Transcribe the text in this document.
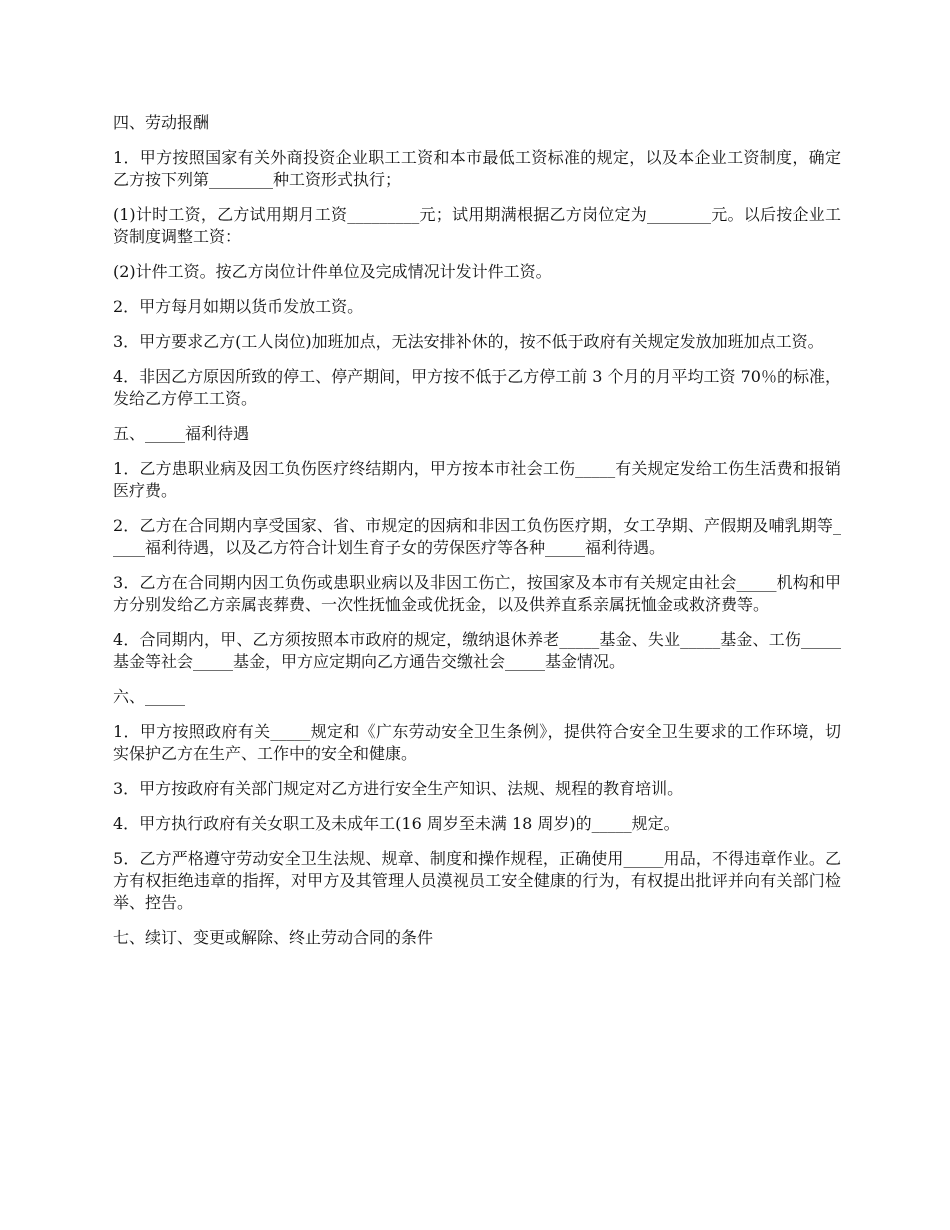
四、劳动报酬

1．甲方按照国家有关外商投资企业职工工资和本市最低工资标准的规定，以及本企业工资制度，确定乙方按下列第________种工资形式执行；

(1)计时工资，乙方试用期月工资_________元；试用期满根据乙方岗位定为________元。以后按企业工资制度调整工资：

(2)计件工资。按乙方岗位计件单位及完成情况计发计件工资。

2．甲方每月如期以货币发放工资。

3．甲方要求乙方(工人岗位)加班加点，无法安排补休的，按不低于政府有关规定发放加班加点工资。

4．非因乙方原因所致的停工、停产期间，甲方按不低于乙方停工前 3 个月的月平均工资 70％的标准，发给乙方停工工资。

五、_____福利待遇

1．乙方患职业病及因工负伤医疗终结期内，甲方按本市社会工伤_____有关规定发给工伤生活费和报销医疗费。

2．乙方在合同期内享受国家、省、市规定的因病和非因工负伤医疗期，女工孕期、产假期及哺乳期等_____福利待遇，以及乙方符合计划生育子女的劳保医疗等各种_____福利待遇。

3．乙方在合同期内因工负伤或患职业病以及非因工伤亡，按国家及本市有关规定由社会_____机构和甲方分别发给乙方亲属丧葬费、一次性抚恤金或优抚金，以及供养直系亲属抚恤金或救济费等。

4．合同期内，甲、乙方须按照本市政府的规定，缴纳退休养老_____基金、失业_____基金、工伤_____基金等社会_____基金，甲方应定期向乙方通告交缴社会_____基金情况。

六、_____

1．甲方按照政府有关_____规定和《广东劳动安全卫生条例》，提供符合安全卫生要求的工作环境，切实保护乙方在生产、工作中的安全和健康。

3．甲方按政府有关部门规定对乙方进行安全生产知识、法规、规程的教育培训。

4．甲方执行政府有关女职工及未成年工(16 周岁至未满 18 周岁)的_____规定。

5．乙方严格遵守劳动安全卫生法规、规章、制度和操作规程，正确使用_____用品，不得违章作业。乙方有权拒绝违章的指挥，对甲方及其管理人员漠视员工安全健康的行为，有权提出批评并向有关部门检举、控告。

七、续订、变更或解除、终止劳动合同的条件
